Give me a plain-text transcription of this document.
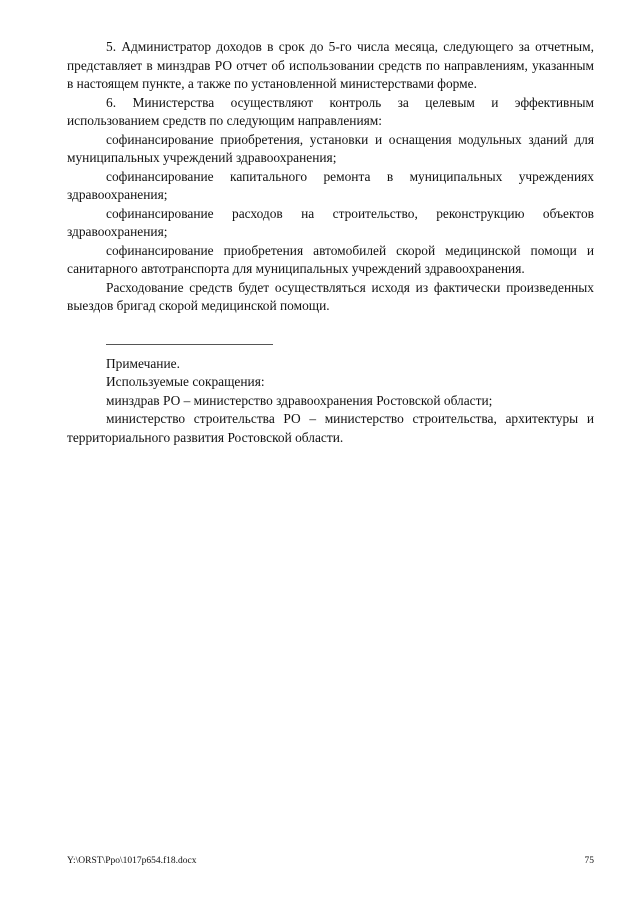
5. Администратор доходов в срок до 5-го числа месяца, следующего за отчетным, представляет в минздрав РО отчет об использовании средств по направлениям, указанным в настоящем пункте, а также по установленной министерствами форме.

6. Министерства осуществляют контроль за целевым и эффективным использованием средств по следующим направлениям:

софинансирование приобретения, установки и оснащения модульных зданий для муниципальных учреждений здравоохранения;

софинансирование капитального ремонта в муниципальных учреждениях здравоохранения;

софинансирование расходов на строительство, реконструкцию объектов здравоохранения;

софинансирование приобретения автомобилей скорой медицинской помощи и санитарного автотранспорта для муниципальных учреждений здравоохранения.

Расходование средств будет осуществляться исходя из фактически произведенных выездов бригад скорой медицинской помощи.

Примечание.

Используемые сокращения:

минздрав РО – министерство здравоохранения Ростовской области;

министерство строительства РО – министерство строительства, архитектуры и территориального развития Ростовской области.

Y:\ORST\Ppo\1017p654.f18.docx	75
